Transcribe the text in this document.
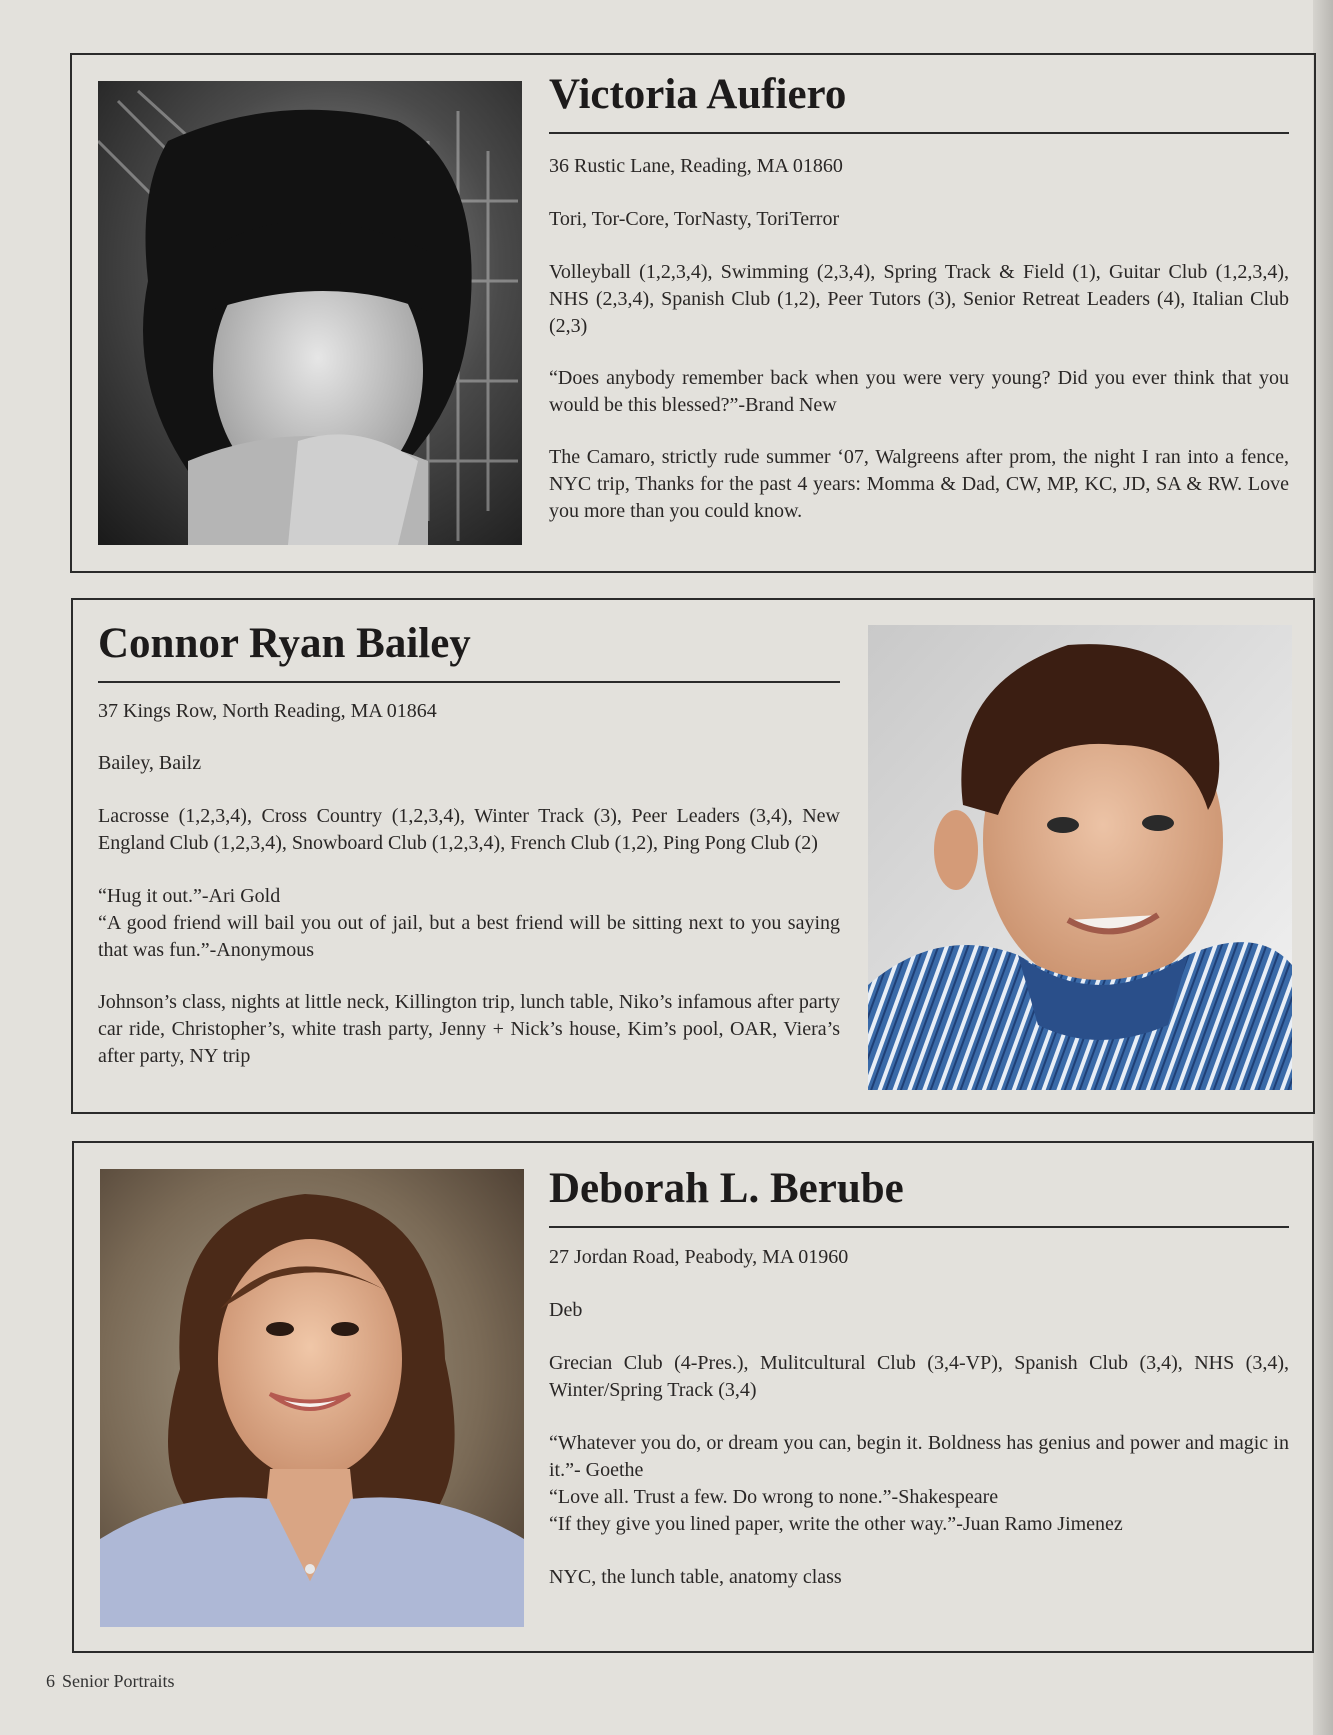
Victoria Aufiero

36 Rustic Lane, Reading, MA 01860

Tori, Tor-Core, TorNasty, ToriTerror

Volleyball (1,2,3,4), Swimming (2,3,4), Spring Track & Field (1), Guitar Club (1,2,3,4), NHS (2,3,4), Spanish Club (1,2), Peer Tutors (3), Senior Retreat Leaders (4), Italian Club (2,3)

“Does anybody remember back when you were very young? Did you ever think that you would be this blessed?”-Brand New

The Camaro, strictly rude summer ‘07, Walgreens after prom, the night I ran into a fence, NYC trip, Thanks for the past 4 years: Momma & Dad, CW, MP, KC, JD, SA & RW. Love you more than you could know.

Connor Ryan Bailey

37 Kings Row, North Reading, MA 01864

Bailey, Bailz

Lacrosse (1,2,3,4), Cross Country (1,2,3,4), Winter Track (3), Peer Leaders (3,4), New England Club (1,2,3,4), Snowboard Club (1,2,3,4), French Club (1,2), Ping Pong Club (2)

“Hug it out.”-Ari Gold
“A good friend will bail you out of jail, but a best friend will be sitting next to you saying that was fun.”-Anonymous

Johnson’s class, nights at little neck, Killington trip, lunch table, Niko’s infamous after party car ride, Christopher’s, white trash party, Jenny + Nick’s house, Kim’s pool, OAR, Viera’s after party, NY trip

Deborah L. Berube

27 Jordan Road, Peabody, MA 01960

Deb

Grecian Club (4-Pres.), Mulitcultural Club (3,4-VP), Spanish Club (3,4), NHS (3,4), Winter/Spring Track (3,4)

“Whatever you do, or dream you can, begin it. Boldness has genius and power and magic in it.”- Goethe
“Love all. Trust a few. Do wrong to none.”-Shakespeare
“If they give you lined paper, write the other way.”-Juan Ramo Jimenez

NYC, the lunch table, anatomy class

6 Senior Portraits
